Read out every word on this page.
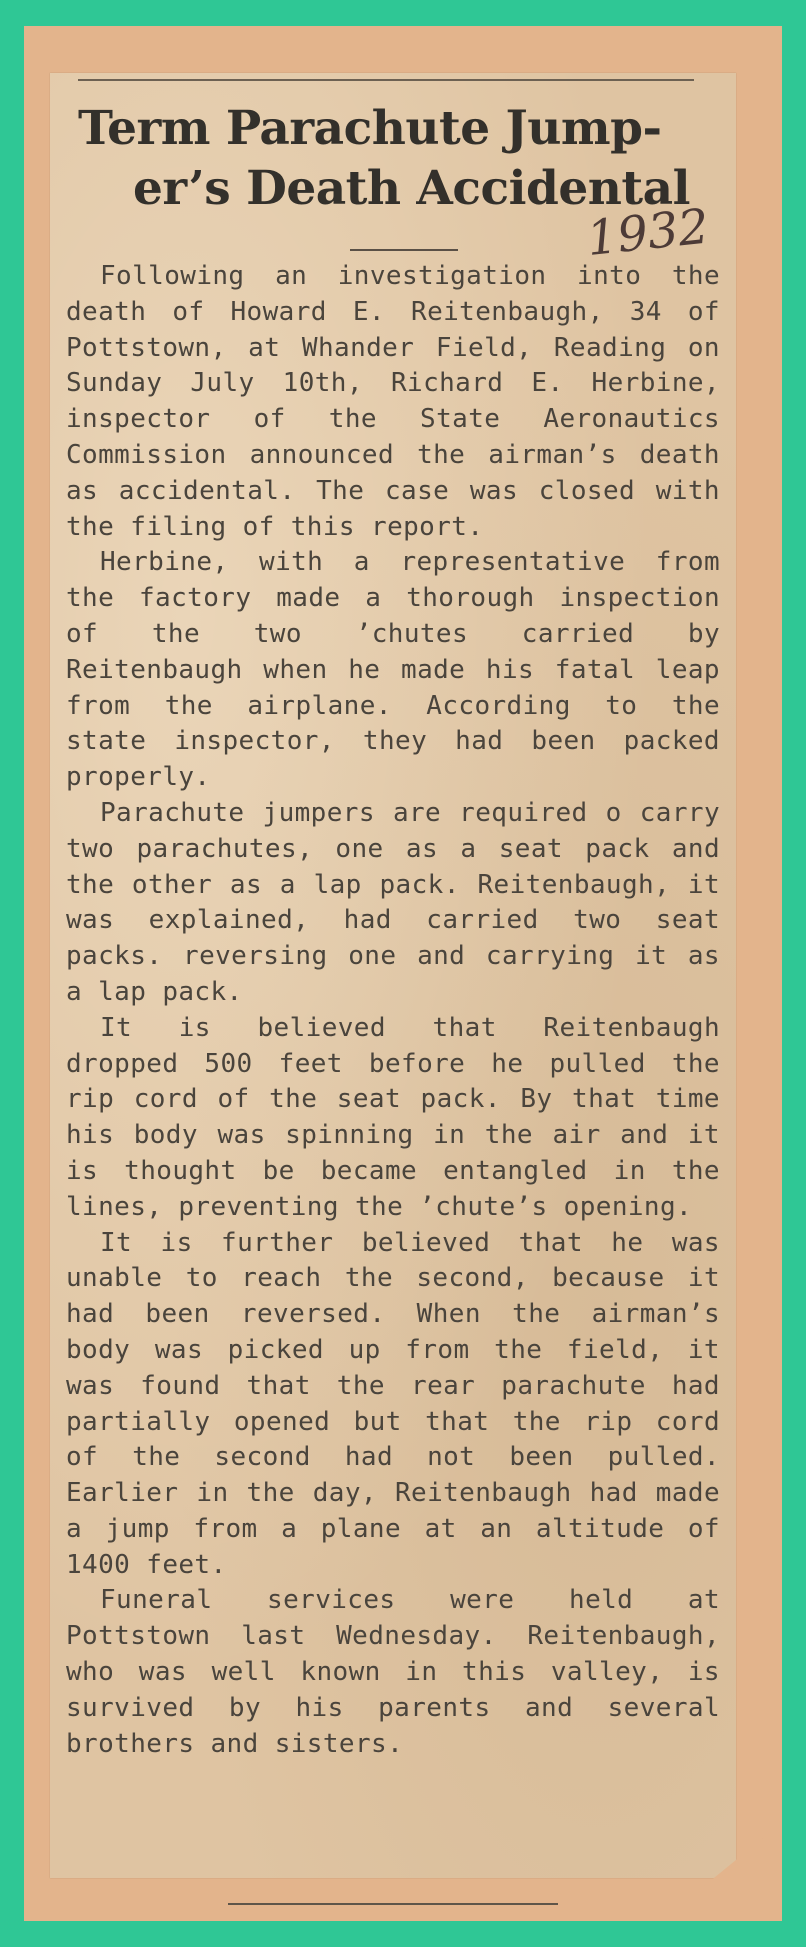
Term Parachute Jump-
er’s Death Accidental
1932

Following an investigation into the death of Howard E. Reitenbaugh, 34 of Pottstown, at Whander Field, Reading on Sunday July 10th, Richard E. Herbine, inspector of the State Aeronautics Commission announced the airman’s death as accidental. The case was closed with the filing of this report.

Herbine, with a representative from the factory made a thorough inspection of the two ’chutes carried by Reitenbaugh when he made his fatal leap from the airplane. According to the state inspector, they had been packed properly.

Parachute jumpers are required o carry two parachutes, one as a seat pack and the other as a lap pack. Reitenbaugh, it was explained, had carried two seat packs. reversing one and carrying it as a lap pack.

It is believed that Reitenbaugh dropped 500 feet before he pulled the rip cord of the seat pack. By that time his body was spinning in the air and it is thought be became entangled in the lines, preventing the ’chute’s opening.

It is further believed that he was unable to reach the second, because it had been reversed. When the airman’s body was picked up from the field, it was found that the rear parachute had partially opened but that the rip cord of the second had not been pulled. Earlier in the day, Reitenbaugh had made a jump from a plane at an altitude of 1400 feet.

Funeral services were held at Pottstown last Wednesday. Reitenbaugh, who was well known in this valley, is survived by his parents and several brothers and sisters.
